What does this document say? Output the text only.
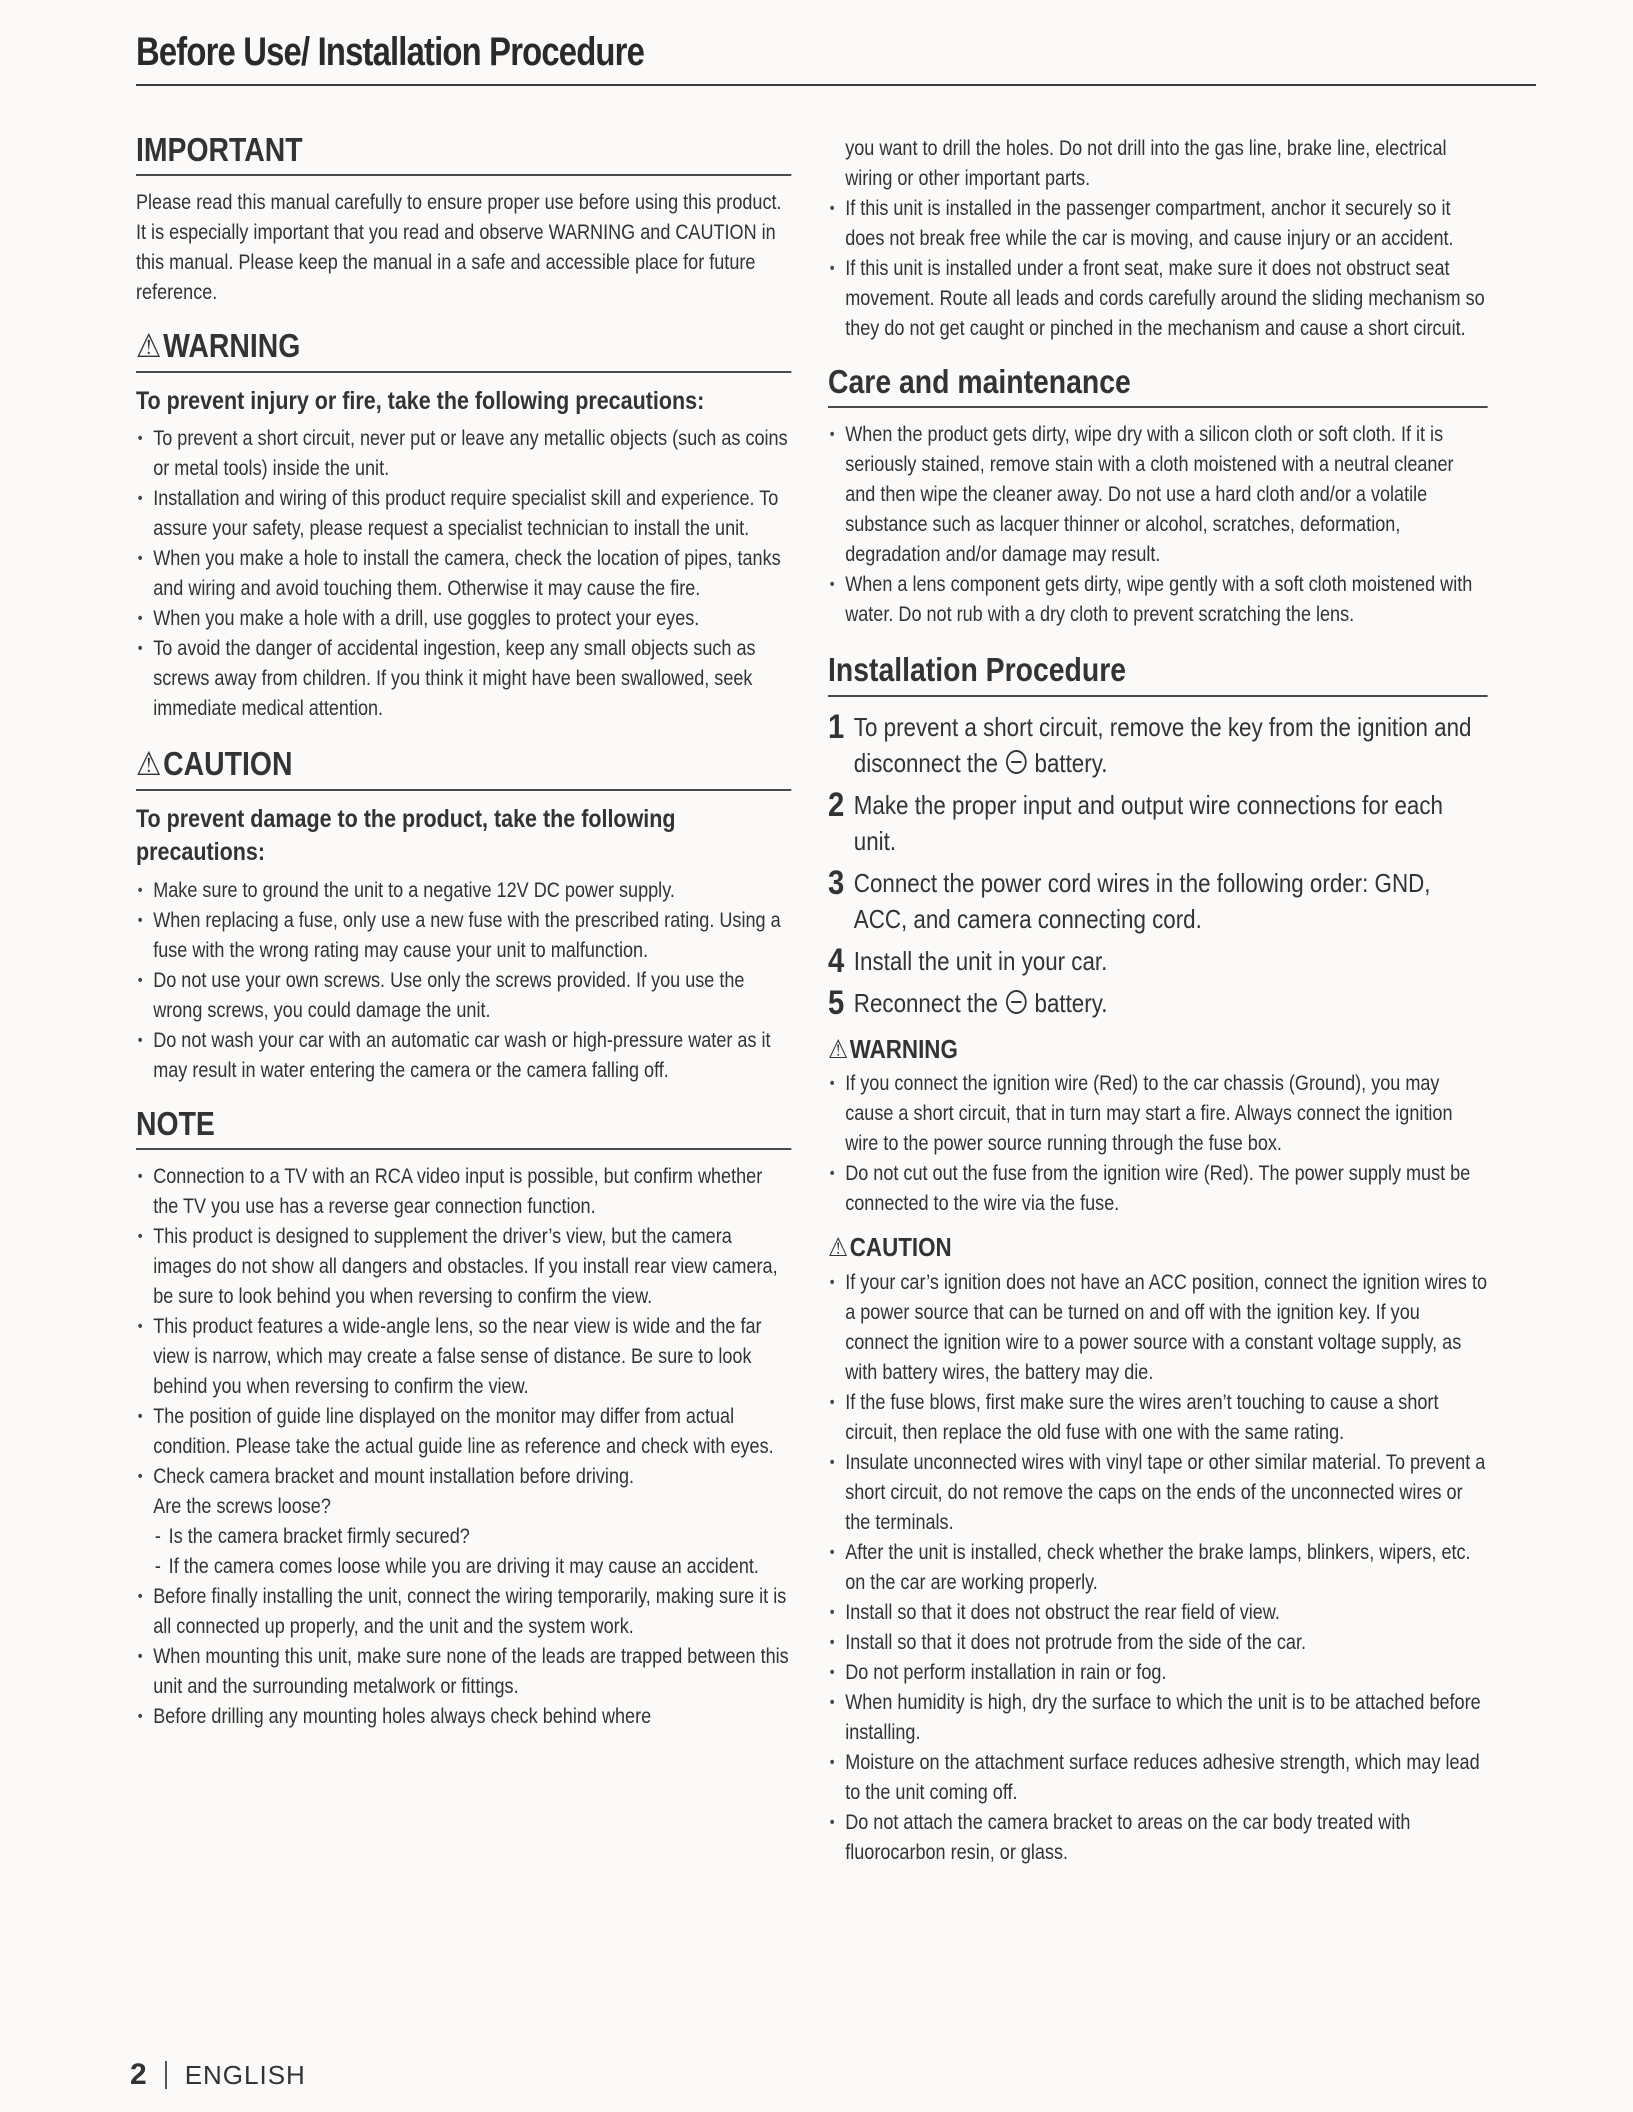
Before Use/ Installation Procedure
IMPORTANT

Please read this manual carefully to ensure proper use before using this product. It is especially important that you read and observe WARNING and CAUTION in this manual. Please keep the manual in a safe and accessible place for future reference.

⚠WARNING
To prevent injury or fire, take the following precautions:
• To prevent a short circuit, never put or leave any metallic objects (such as coins or metal tools) inside the unit.
• Installation and wiring of this product require specialist skill and experience. To assure your safety, please request a specialist technician to install the unit.
• When you make a hole to install the camera, check the location of pipes, tanks and wiring and avoid touching them. Otherwise it may cause the fire.
• When you make a hole with a drill, use goggles to protect your eyes.
• To avoid the danger of accidental ingestion, keep any small objects such as screws away from children. If you think it might have been swallowed, seek immediate medical attention.
⚠CAUTION
To prevent damage to the product, take the following precautions:
• Make sure to ground the unit to a negative 12V DC power supply.
• When replacing a fuse, only use a new fuse with the prescribed rating. Using a fuse with the wrong rating may cause your unit to malfunction.
• Do not use your own screws. Use only the screws provided. If you use the wrong screws, you could damage the unit.
• Do not wash your car with an automatic car wash or high-pressure water as it may result in water entering the camera or the camera falling off.
NOTE
• Connection to a TV with an RCA video input is possible, but confirm whether the TV you use has a reverse gear connection function.
• This product is designed to supplement the driver’s view, but the camera images do not show all dangers and obstacles. If you install rear view camera, be sure to look behind you when reversing to confirm the view.
• This product features a wide-angle lens, so the near view is wide and the far view is narrow, which may create a false sense of distance. Be sure to look behind you when reversing to confirm the view.
• The position of guide line displayed on the monitor may differ from actual condition. Please take the actual guide line as reference and check with eyes.
• Check camera bracket and mount installation before driving.
Are the screws loose?
- Is the camera bracket firmly secured?
- If the camera comes loose while you are driving it may cause an accident.
• Before finally installing the unit, connect the wiring temporarily, making sure it is all connected up properly, and the unit and the system work.
• When mounting this unit, make sure none of the leads are trapped between this unit and the surrounding metalwork or fittings.
• Before drilling any mounting holes always check behind where
you want to drill the holes. Do not drill into the gas line, brake line, electrical wiring or other important parts.
• If this unit is installed in the passenger compartment, anchor it securely so it does not break free while the car is moving, and cause injury or an accident.
• If this unit is installed under a front seat, make sure it does not obstruct seat movement. Route all leads and cords carefully around the sliding mechanism so they do not get caught or pinched in the mechanism and cause a short circuit.
Care and maintenance
• When the product gets dirty, wipe dry with a silicon cloth or soft cloth. If it is seriously stained, remove stain with a cloth moistened with a neutral cleaner and then wipe the cleaner away. Do not use a hard cloth and/or a volatile substance such as lacquer thinner or alcohol, scratches, deformation, degradation and/or damage may result.
• When a lens component gets dirty, wipe gently with a soft cloth moistened with water. Do not rub with a dry cloth to prevent scratching the lens.
Installation Procedure
1 To prevent a short circuit, remove the key from the ignition and disconnect the  battery.
2 Make the proper input and output wire connections for each unit.
3 Connect the power cord wires in the following order: GND, ACC, and camera connecting cord.
4 Install the unit in your car.
5 Reconnect the  battery.
⚠WARNING
• If you connect the ignition wire (Red) to the car chassis (Ground), you may cause a short circuit, that in turn may start a fire. Always connect the ignition wire to the power source running through the fuse box.
• Do not cut out the fuse from the ignition wire (Red). The power supply must be connected to the wire via the fuse.
⚠CAUTION
• If your car’s ignition does not have an ACC position, connect the ignition wires to a power source that can be turned on and off with the ignition key. If you connect the ignition wire to a power source with a constant voltage supply, as with battery wires, the battery may die.
• If the fuse blows, first make sure the wires aren’t touching to cause a short circuit, then replace the old fuse with one with the same rating.
• Insulate unconnected wires with vinyl tape or other similar material. To prevent a short circuit, do not remove the caps on the ends of the unconnected wires or the terminals.
• After the unit is installed, check whether the brake lamps, blinkers, wipers, etc. on the car are working properly.
• Install so that it does not obstruct the rear field of view.
• Install so that it does not protrude from the side of the car.
• Do not perform installation in rain or fog.
• When humidity is high, dry the surface to which the unit is to be attached before installing.
• Moisture on the attachment surface reduces adhesive strength, which may lead to the unit coming off.
• Do not attach the camera bracket to areas on the car body treated with fluorocarbon resin, or glass.
2 ENGLISH
